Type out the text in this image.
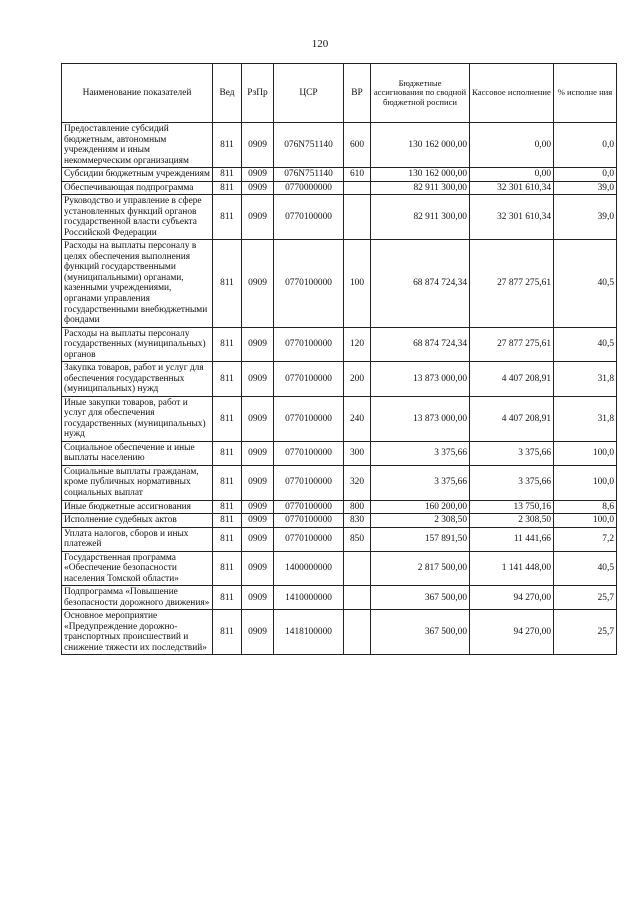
120
Наименование показателей	Вед	РзПр	ЦСР	ВР	Бюджетные ассигнования по сводной бюджетной росписи	Кассовое исполнение	% исполне ния
Предоставление субсидий бюджетным, автономным учреждениям и иным некоммерческим организациям	811	0909	076N751140	600	130 162 000,00	0,00	0,0
Субсидии бюджетным учреждениям	811	0909	076N751140	610	130 162 000,00	0,00	0,0
Обеспечивающая подпрограмма	811	0909	0770000000		82 911 300,00	32 301 610,34	39,0
Руководство и управление в сфере установленных функций органов государственной власти субъекта Российской Федерации	811	0909	0770100000		82 911 300,00	32 301 610,34	39,0
Расходы на выплаты персоналу в целях обеспечения выполнения функций государственными (муниципальными) органами, казенными учреждениями, органами управления государственными внебюджетными фондами	811	0909	0770100000	100	68 874 724,34	27 877 275,61	40,5
Расходы на выплаты персоналу государственных (муниципальных) органов	811	0909	0770100000	120	68 874 724,34	27 877 275,61	40,5
Закупка товаров, работ и услуг для обеспечения государственных (муниципальных) нужд	811	0909	0770100000	200	13 873 000,00	4 407 208,91	31,8
Иные закупки товаров, работ и услуг для обеспечения государственных (муниципальных) нужд	811	0909	0770100000	240	13 873 000,00	4 407 208,91	31,8
Социальное обеспечение и иные выплаты населению	811	0909	0770100000	300	3 375,66	3 375,66	100,0
Социальные выплаты гражданам, кроме публичных нормативных социальных выплат	811	0909	0770100000	320	3 375,66	3 375,66	100,0
Иные бюджетные ассигнования	811	0909	0770100000	800	160 200,00	13 750,16	8,6
Исполнение судебных актов	811	0909	0770100000	830	2 308,50	2 308,50	100,0
Уплата налогов, сборов и иных платежей	811	0909	0770100000	850	157 891,50	11 441,66	7,2
Государственная программа «Обеспечение безопасности населения Томской области»	811	0909	1400000000		2 817 500,00	1 141 448,00	40,5
Подпрограмма «Повышение безопасности дорожного движения»	811	0909	1410000000		367 500,00	94 270,00	25,7
Основное мероприятие «Предупреждение дорожно-транспортных происшествий и снижение тяжести их последствий»	811	0909	1418100000		367 500,00	94 270,00	25,7
